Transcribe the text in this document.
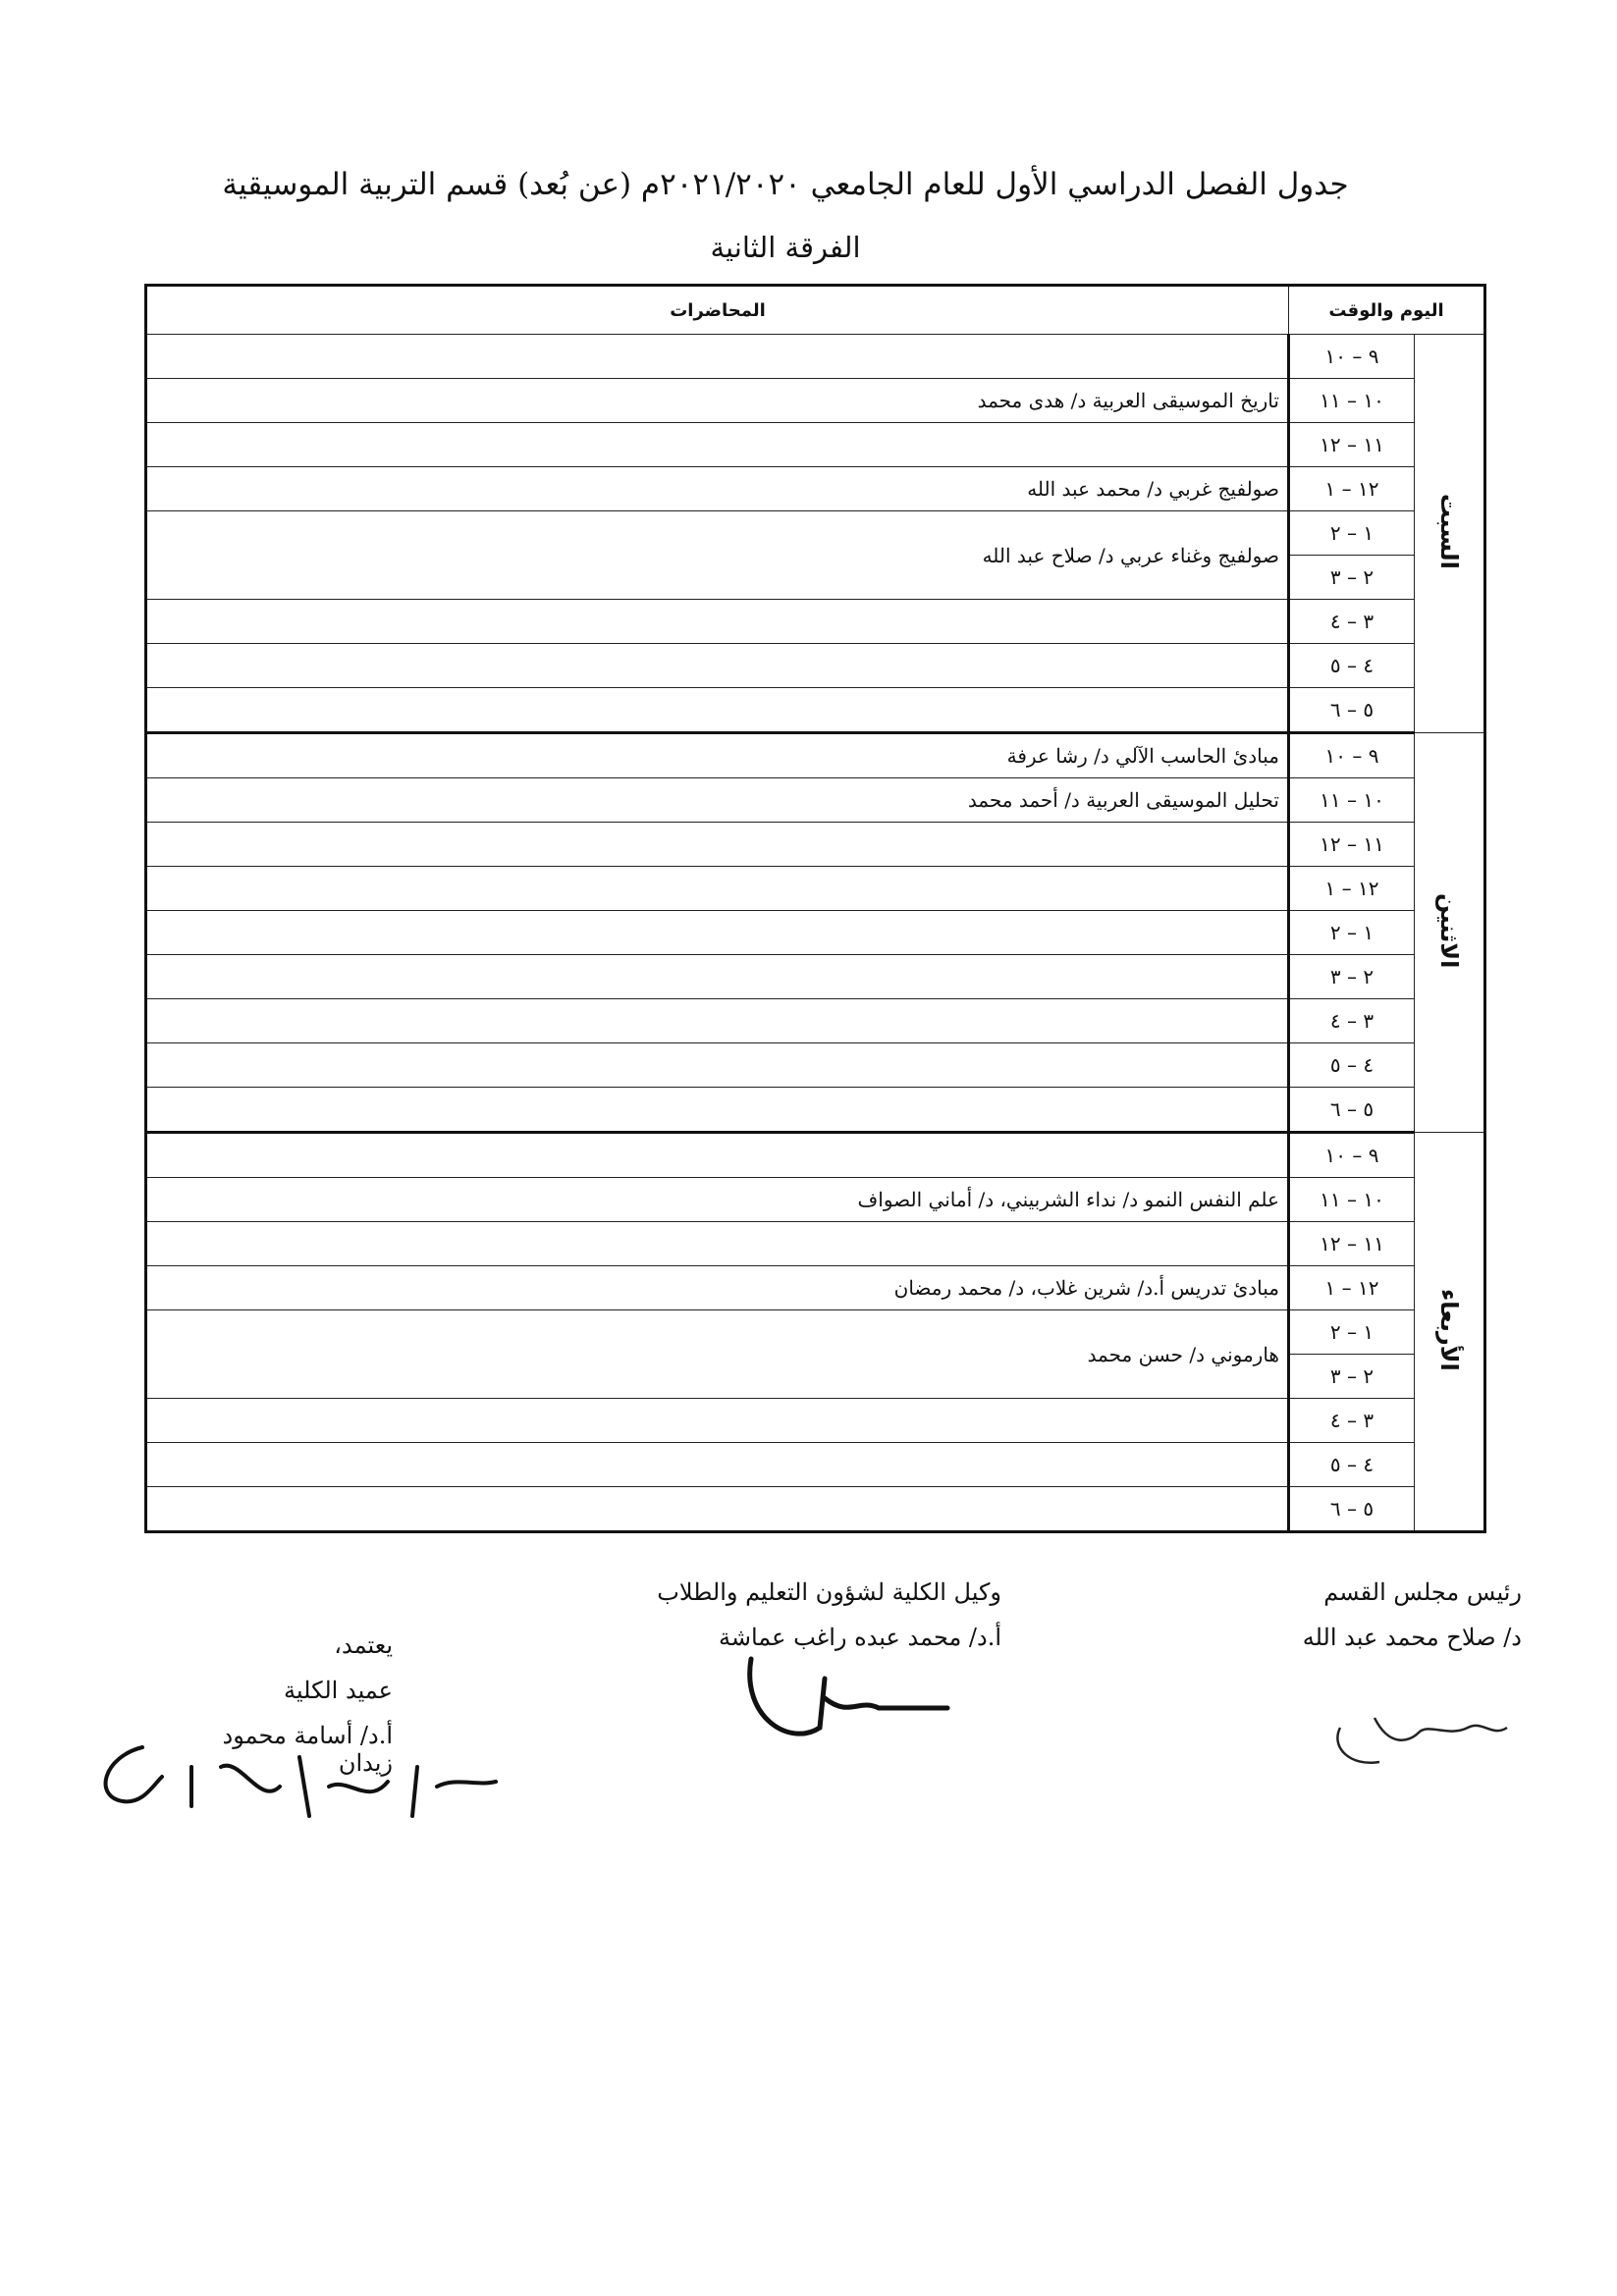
جدول الفصل الدراسي الأول للعام الجامعي ٢٠٢١/٢٠٢٠م (عن بُعد) قسم التربية الموسيقية
الفرقة الثانية
اليوم والوقت		المحاضرات
السبت	٩ – ١٠	
	١٠ – ١١	تاريخ الموسيقى العربية د/ هدى محمد
	١١ – ١٢	
	١٢ – ١	صولفيج غربي د/ محمد عبد الله
	١ – ٢	صولفيج وغناء عربي د/ صلاح عبد الله
	٢ – ٣	
	٣ – ٤	
	٤ – ٥	
	٥ – ٦	
الاثنين	٩ – ١٠	مبادئ الحاسب الآلي د/ رشا عرفة
	١٠ – ١١	تحليل الموسيقى العربية د/ أحمد محمد
	١١ – ١٢	
	١٢ – ١	
	١ – ٢	
	٢ – ٣	
	٣ – ٤	
	٤ – ٥	
	٥ – ٦	
الأربعاء	٩ – ١٠	
	١٠ – ١١	علم النفس النمو د/ نداء الشربيني، د/ أماني الصواف
	١١ – ١٢	
	١٢ – ١	مبادئ تدريس أ.د/ شرين غلاب، د/ محمد رمضان
	١ – ٢	هارموني د/ حسن محمد
	٢ – ٣	
	٣ – ٤	
	٤ – ٥	
	٥ – ٦	
رئيس مجلس القسم
د/ صلاح محمد عبد الله
وكيل الكلية لشؤون التعليم والطلاب
أ.د/ محمد عبده راغب عماشة
يعتمد،
عميد الكلية
أ.د/ أسامة محمود زيدان
